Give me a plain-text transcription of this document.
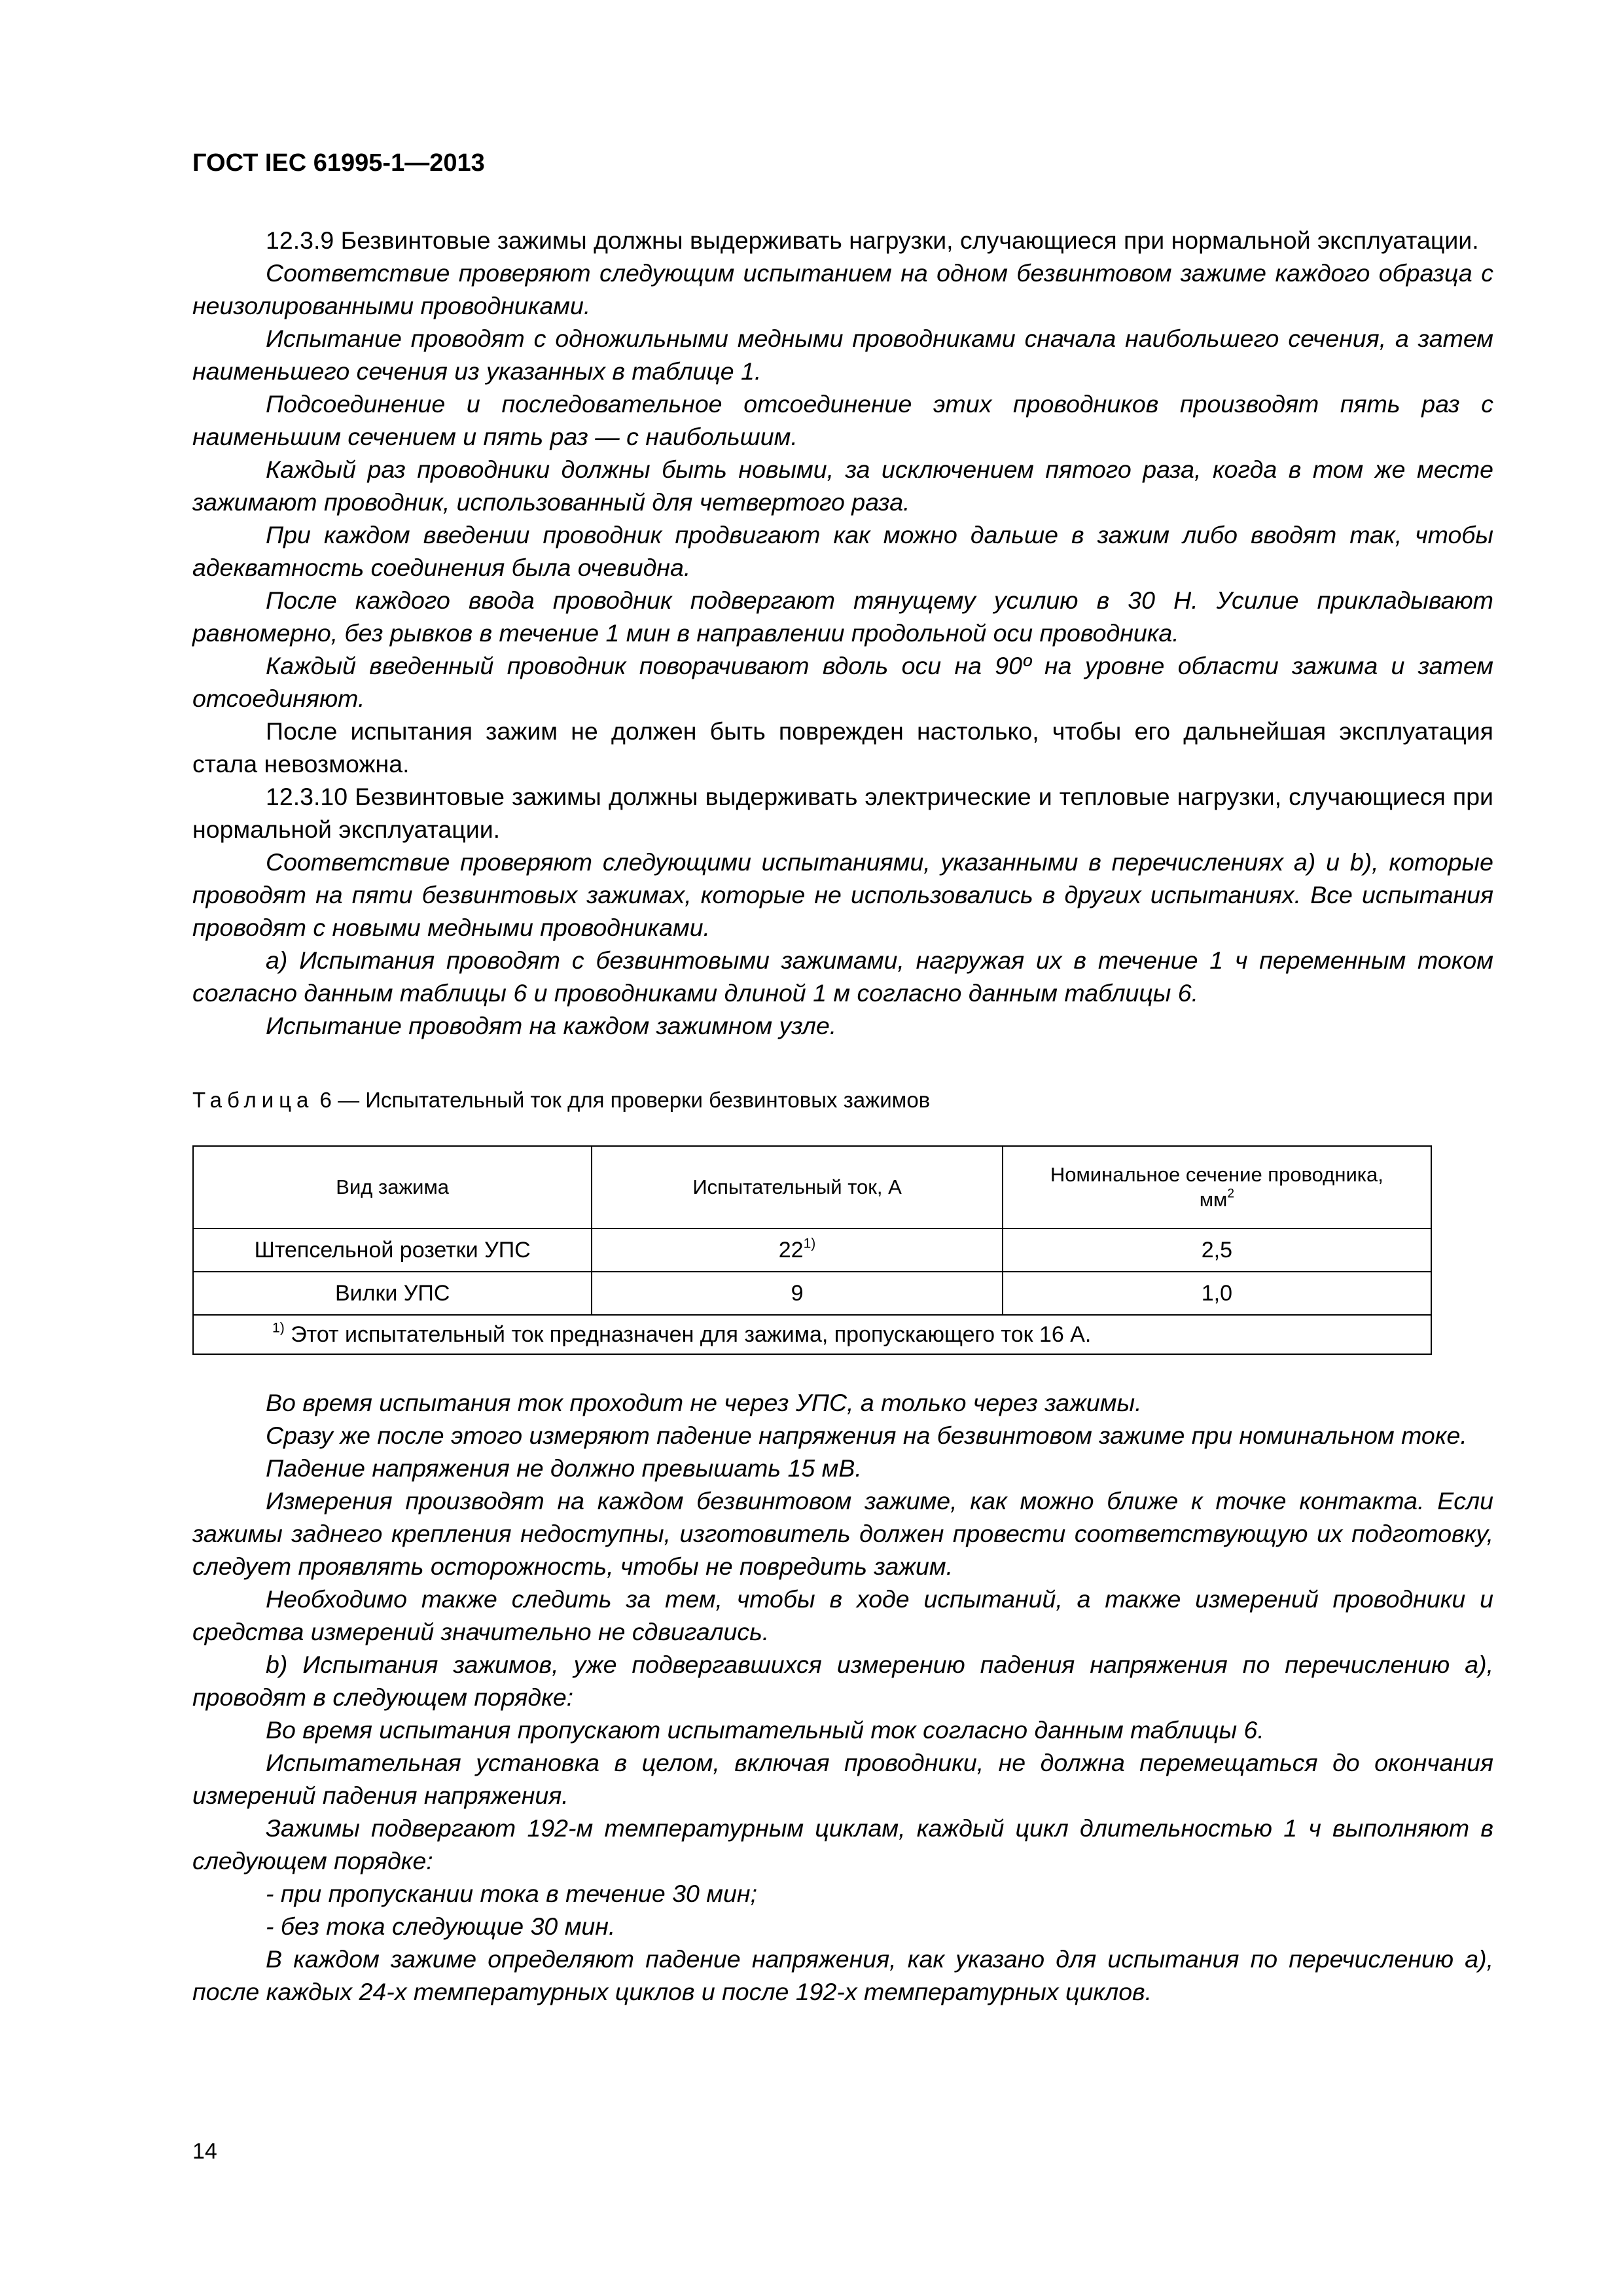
ГОСТ IEC 61995-1—2013

12.3.9 Безвинтовые зажимы должны выдерживать нагрузки, случающиеся при нормальной эксплуатации.

Соответствие проверяют следующим испытанием на одном безвинтовом зажиме каждого образца с неизолированными проводниками.

Испытание проводят с одножильными медными проводниками сначала наибольшего сечения, а затем наименьшего сечения из указанных в таблице 1.

Подсоединение и последовательное отсоединение этих проводников производят пять раз с наименьшим сечением и пять раз — с наибольшим.

Каждый раз проводники должны быть новыми, за исключением пятого раза, когда в том же месте зажимают проводник, использованный для четвертого раза.

При каждом введении проводник продвигают как можно дальше в зажим либо вводят так, чтобы адекватность соединения была очевидна.

После каждого ввода проводник подвергают тянущему усилию в 30 Н. Усилие прикладывают равномерно, без рывков в течение 1 мин в направлении продольной оси проводника.

Каждый введенный проводник поворачивают вдоль оси на 90º на уровне области зажима и затем отсоединяют.

После испытания зажим не должен быть поврежден настолько, чтобы его дальнейшая эксплуатация стала невозможна.

12.3.10 Безвинтовые зажимы должны выдерживать электрические и тепловые нагрузки, случающиеся при нормальной эксплуатации.

Соответствие проверяют следующими испытаниями, указанными в перечислениях a) и b), которые проводят на пяти безвинтовых зажимах, которые не использовались в других испытаниях. Все испытания проводят с новыми медными проводниками.

а) Испытания проводят с безвинтовыми зажимами, нагружая их в течение 1 ч переменным током согласно данным таблицы 6 и проводниками длиной 1 м согласно данным таблицы 6.

Испытание проводят на каждом зажимном узле.

Таблица 6 — Испытательный ток для проверки безвинтовых зажимов
Вид зажима	Испытательный ток, А	Номинальное сечение проводника,
$мм^2$
Штепсельной розетки УПС	22$^{1)}$	2,5
Вилки УПС	9	1,0
$^{1)}$ Этот испытательный ток предназначен для зажима, пропускающего ток 16 А.		

Во время испытания ток проходит не через УПС, а только через зажимы.

Сразу же после этого измеряют падение напряжения на безвинтовом зажиме при номинальном токе.

Падение напряжения не должно превышать 15 мВ.

Измерения производят на каждом безвинтовом зажиме, как можно ближе к точке контакта. Если зажимы заднего крепления недоступны, изготовитель должен провести соответствующую их подготовку, следует проявлять осторожность, чтобы не повредить зажим.

Необходимо также следить за тем, чтобы в ходе испытаний, а также измерений проводники и средства измерений значительно не сдвигались.

b) Испытания зажимов, уже подвергавшихся измерению падения напряжения по перечислению а), проводят в следующем порядке:

Во время испытания пропускают испытательный ток согласно данным таблицы 6.

Испытательная установка в целом, включая проводники, не должна перемещаться до окончания измерений падения напряжения.

Зажимы подвергают 192-м температурным циклам, каждый цикл длительностью 1 ч выполняют в следующем порядке:

- при пропускании тока в течение 30 мин;

- без тока следующие 30 мин.

В каждом зажиме определяют падение напряжения, как указано для испытания по перечислению а), после каждых 24-х температурных циклов и после 192-х температурных циклов.

14
